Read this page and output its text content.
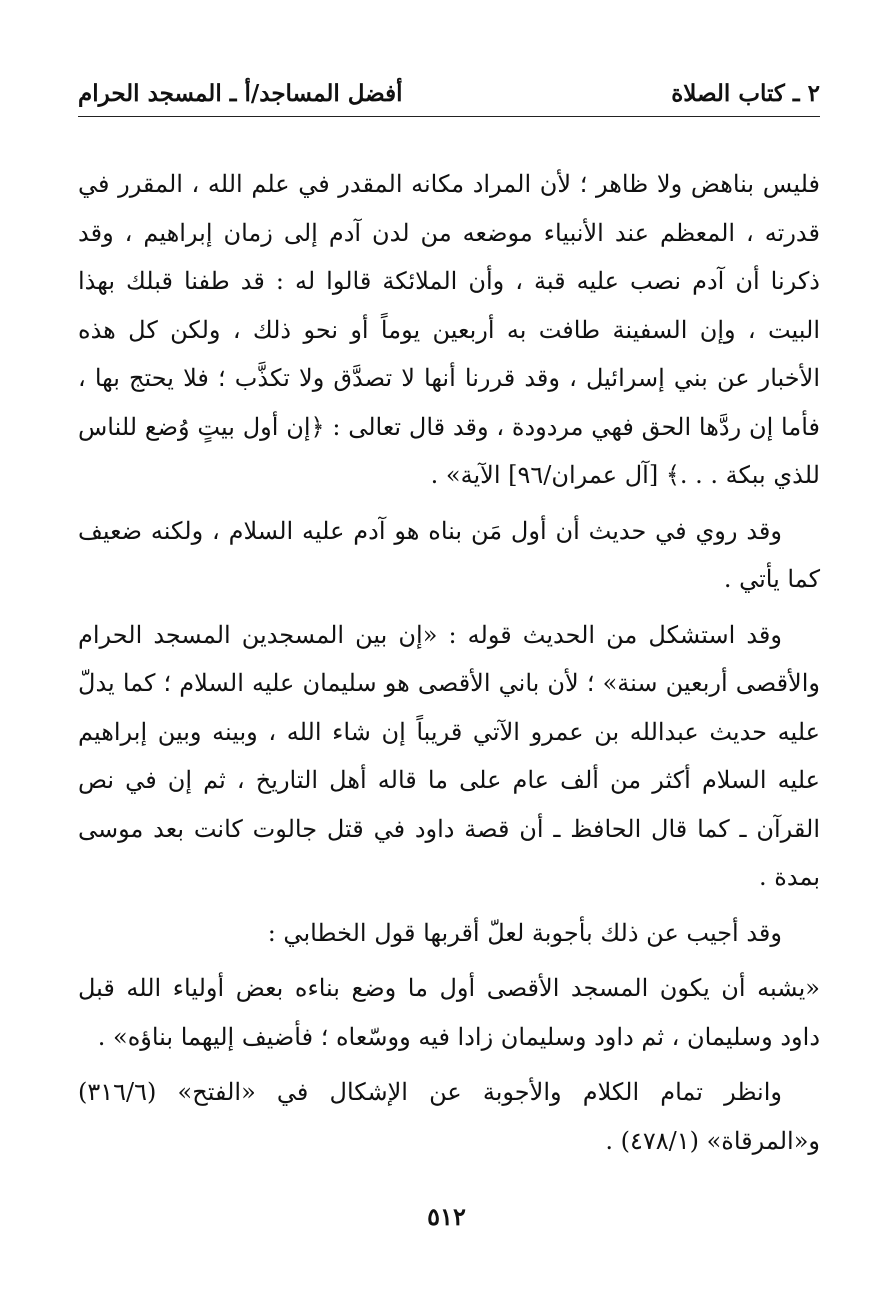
٢ ـ كتاب الصلاة
أفضل المساجد/أ ـ المسجد الحرام

فليس بناهض ولا ظاهر ؛ لأن المراد مكانه المقدر في علم الله ، المقرر في قدرته ، المعظم عند الأنبياء موضعه من لدن آدم إلى زمان إبراهيم ، وقد ذكرنا أن آدم نصب عليه قبة ، وأن الملائكة قالوا له : قد طفنا قبلك بهذا البيت ، وإن السفينة طافت به أربعين يوماً أو نحو ذلك ، ولكن كل هذه الأخبار عن بني إسرائيل ، وقد قررنا أنها لا تصدَّق ولا تكذَّب ؛ فلا يحتج بها ، فأما إن ردَّها الحق فهي مردودة ، وقد قال تعالى : ﴿إن أول بيتٍ وُضع للناس للذي ببكة . . .﴾ [آل عمران/٩٦] الآية» .

وقد روي في حديث أن أول مَن بناه هو آدم عليه السلام ، ولكنه ضعيف كما يأتي .

وقد استشكل من الحديث قوله : «إن بين المسجدين المسجد الحرام والأقصى أربعين سنة» ؛ لأن باني الأقصى هو سليمان عليه السلام ؛ كما يدلّ عليه حديث عبدالله بن عمرو الآتي قريباً إن شاء الله ، وبينه وبين إبراهيم عليه السلام أكثر من ألف عام على ما قاله أهل التاريخ ، ثم إن في نص القرآن ـ كما قال الحافظ ـ أن قصة داود في قتل جالوت كانت بعد موسى بمدة .

وقد أجيب عن ذلك بأجوبة لعلّ أقربها قول الخطابي :

«يشبه أن يكون المسجد الأقصى أول ما وضع بناءه بعض أولياء الله قبل داود وسليمان ، ثم داود وسليمان زادا فيه ووسّعاه ؛ فأضيف إليهما بناؤه» .

وانظر تمام الكلام والأجوبة عن الإشكال في «الفتح» (٣١٦/٦) و«المرقاة» (٤٧٨/١) .

٥١٢
